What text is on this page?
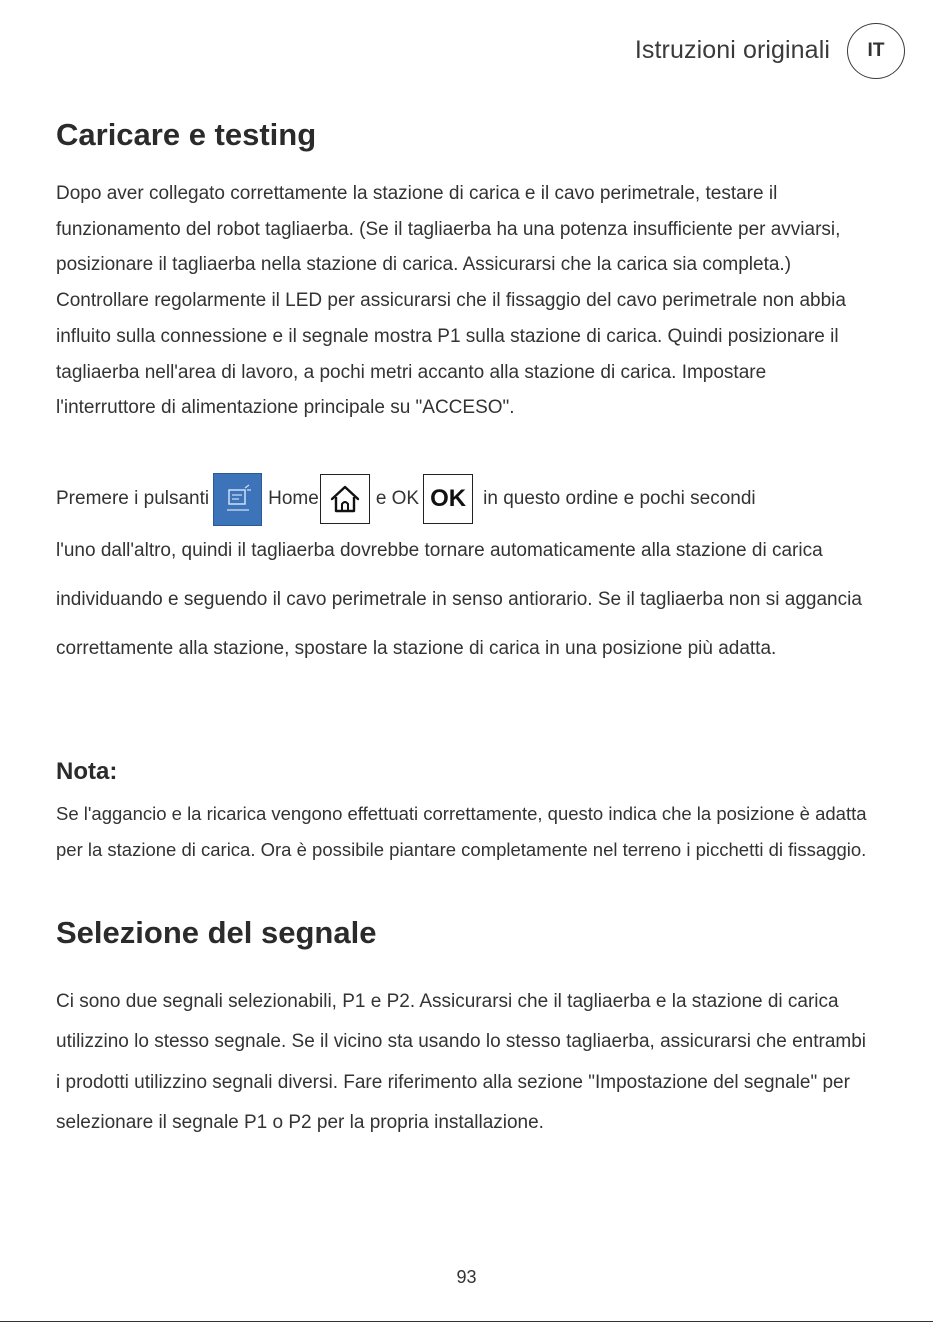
Istruzioni originali	IT
Caricare e testing

Dopo aver collegato correttamente la stazione di carica e il cavo perimetrale, testare il funzionamento del robot tagliaerba. (Se il tagliaerba ha una potenza insufficiente per avviarsi, posizionare il tagliaerba nella stazione di carica. Assicurarsi che la carica sia completa.) Controllare regolarmente il LED per assicurarsi che il fissaggio del cavo perimetrale non abbia influito sulla connessione e il segnale mostra P1 sulla stazione di carica. Quindi posizionare il tagliaerba nell'area di lavoro, a pochi metri accanto alla stazione di carica. Impostare l'interruttore di alimentazione principale su "ACCESO".

Premere i pulsanti	Home	e OK OK in questo ordine e pochi secondi

l'uno dall'altro, quindi il tagliaerba dovrebbe tornare automaticamente alla stazione di carica individuando e seguendo il cavo perimetrale in senso antiorario. Se il tagliaerba non si aggancia correttamente alla stazione, spostare la stazione di carica in una posizione più adatta.

Nota:

Se l'aggancio e la ricarica vengono effettuati correttamente, questo indica che la posizione è adatta per la stazione di carica. Ora è possibile piantare completamente nel terreno i picchetti di fissaggio.

Selezione del segnale

Ci sono due segnali selezionabili, P1 e P2. Assicurarsi che il tagliaerba e la stazione di carica utilizzino lo stesso segnale. Se il vicino sta usando lo stesso tagliaerba, assicurarsi che entrambi i prodotti utilizzino segnali diversi. Fare riferimento alla sezione "Impostazione del segnale" per selezionare il segnale P1 o P2 per la propria installazione.

93
